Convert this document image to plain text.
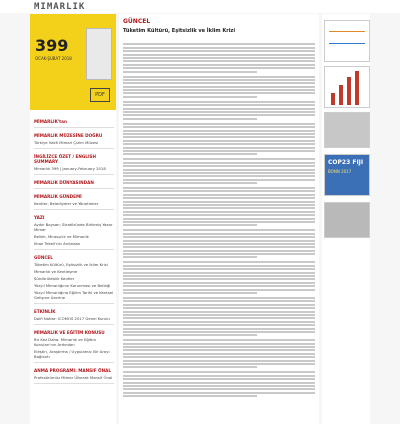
MIMARLIK
399
OCAK-ŞUBAT 2018
PDF
MİMARLIK'tan
MİMARLIK MÜZESİNE DOĞRU
Türkiye Vakfı Mimari Çizim Müzesi
İNGİLİZCE ÖZET / ENGLISH SUMMARY
Mimarlık 399 | January-February 2018
MİMARLIK DÜNYASINDAN
MİMARLIK GÜNDEMİ
Kentler, Belediyeler ve Yönetimler
YAZI
Aydın Boysan: Stratöründe Birikmiş Yazar Mimar
Bellek, Mirasçılık ve Mimarlık
İlhan Tekeli'nin Ardından
GÜNCEL
Tüketim Kültürü, Eşitsizlik ve İklim Krizi
Mimarlık ve Kentleşme
Sürdürülebilir Kentler
Yüzyıl Mimarlığının Korunması ve Belleği
Yüzyıl Mimarlığına Eğilim Tarihi ve Kentsel Gelişme Üzerine
ETKİNLİK
Dolfi Notlar: ICOMOS 2017 Genel Kurulu
MİMARLIK VE EĞİTİM KONUSU
Bir Kez Daha: Mimarlık ve Eğitim Konuları'nın Ardından
Eleştiri, Araştırma / Uygulama: Bir Arayı Bağlantı
ANMA PROGRAMI: MANSIF ÖNAL
Profesörümüz Mimar Ülkerak Mansif Önal
GÜNCEL
Tüketim Kültürü, Eşitsizlik ve İklim Krizi
COP23 FIJI
BONN 2017
